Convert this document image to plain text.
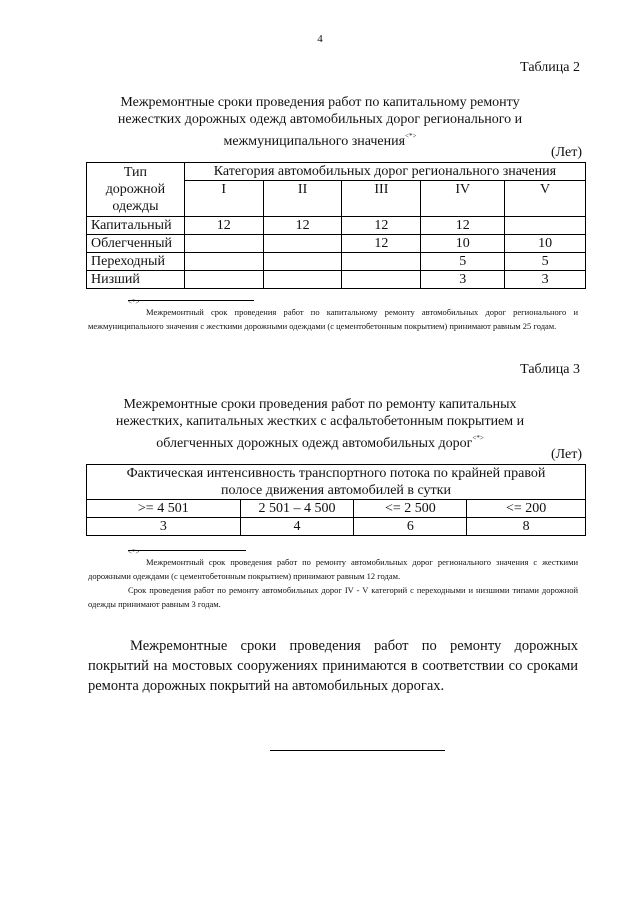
4
Таблица 2
Межремонтные сроки проведения работ по капитальному ремонту
нежестких дорожных одежд автомобильных дорог регионального и
межмуниципального значения<*>
(Лет)
Тип
дорожной
одежды	Категория автомобильных дорог регионального значения				
	I	II	III	IV	V
Капитальный	12	12	12	12	
Облегченный			12	10	10
Переходный				5	5
Низший				3	3
<*>

Межремонтный срок проведения работ по капитальному ремонту автомобильных дорог регионального и межмуниципального значения с жесткими дорожными одеждами (с цементобетонным покрытием) принимают равным 25 годам.

Таблица 3
Межремонтные сроки проведения работ по ремонту капитальных
нежестких, капитальных жестких с асфальтобетонным покрытием и
облегченных дорожных одежд автомобильных дорог<*>
(Лет)
Фактическая интенсивность транспортного потока по крайней правой
полосе движения автомобилей в сутки			

>= 4 501	2 501 – 4 500	<= 2 500	<= 200
3	4	6	8
<*>

Межремонтный срок проведения работ по ремонту автомобильных дорог регионального значения с жесткими дорожными одеждами (с цементобетонным покрытием) принимают равным 12 годам.

Срок проведения работ по ремонту автомобильных дорог IV - V категорий с переходными и низшими типами дорожной одежды принимают равным 3 годам.

Межремонтные сроки проведения работ по ремонту дорожных покрытий на мостовых сооружениях принимаются в соответствии со сроками ремонта дорожных покрытий на автомобильных дорогах.
